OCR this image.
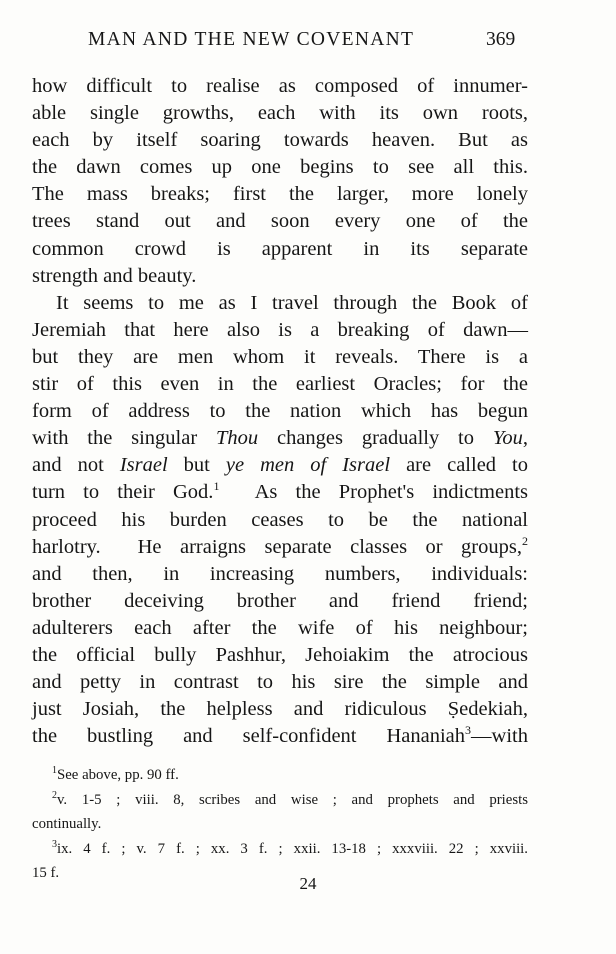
MAN AND THE NEW COVENANT	369
how difficult to realise as composed of innumer-
able single growths, each with its own roots,
each by itself soaring towards heaven. But as
the dawn comes up one begins to see all this.
The mass breaks; first the larger, more lonely
trees stand out and soon every one of the
common crowd is apparent in its separate
strength and beauty.
It seems to me as I travel through the Book of
Jeremiah that here also is a breaking of dawn—
but they are men whom it reveals. There is a
stir of this even in the earliest Oracles; for the
form of address to the nation which has begun
with the singular Thou changes gradually to You,
and not Israel but ye men of Israel are called to
turn to their God.$^1$  As the Prophet's indictments
proceed his burden ceases to be the national
harlotry.  He arraigns separate classes or groups,$^2$
and then, in increasing numbers, individuals:
brother deceiving brother and friend friend;
adulterers each after the wife of his neighbour;
the official bully Pashhur, Jehoiakim the atrocious
and petty in contrast to his sire the simple and
just Josiah, the helpless and ridiculous Ṣedekiah,
the bustling and self-confident Hananiah$^3$—with
$^1$See above, pp. 90 ff.
$^2$v. 1-5 ; viii. 8, scribes and wise ; and prophets and priests
continually.
$^3$ix. 4 f. ; v. 7 f. ; xx. 3 f. ; xxii. 13-18 ; xxxviii. 22 ; xxviii.
15 f.
24
